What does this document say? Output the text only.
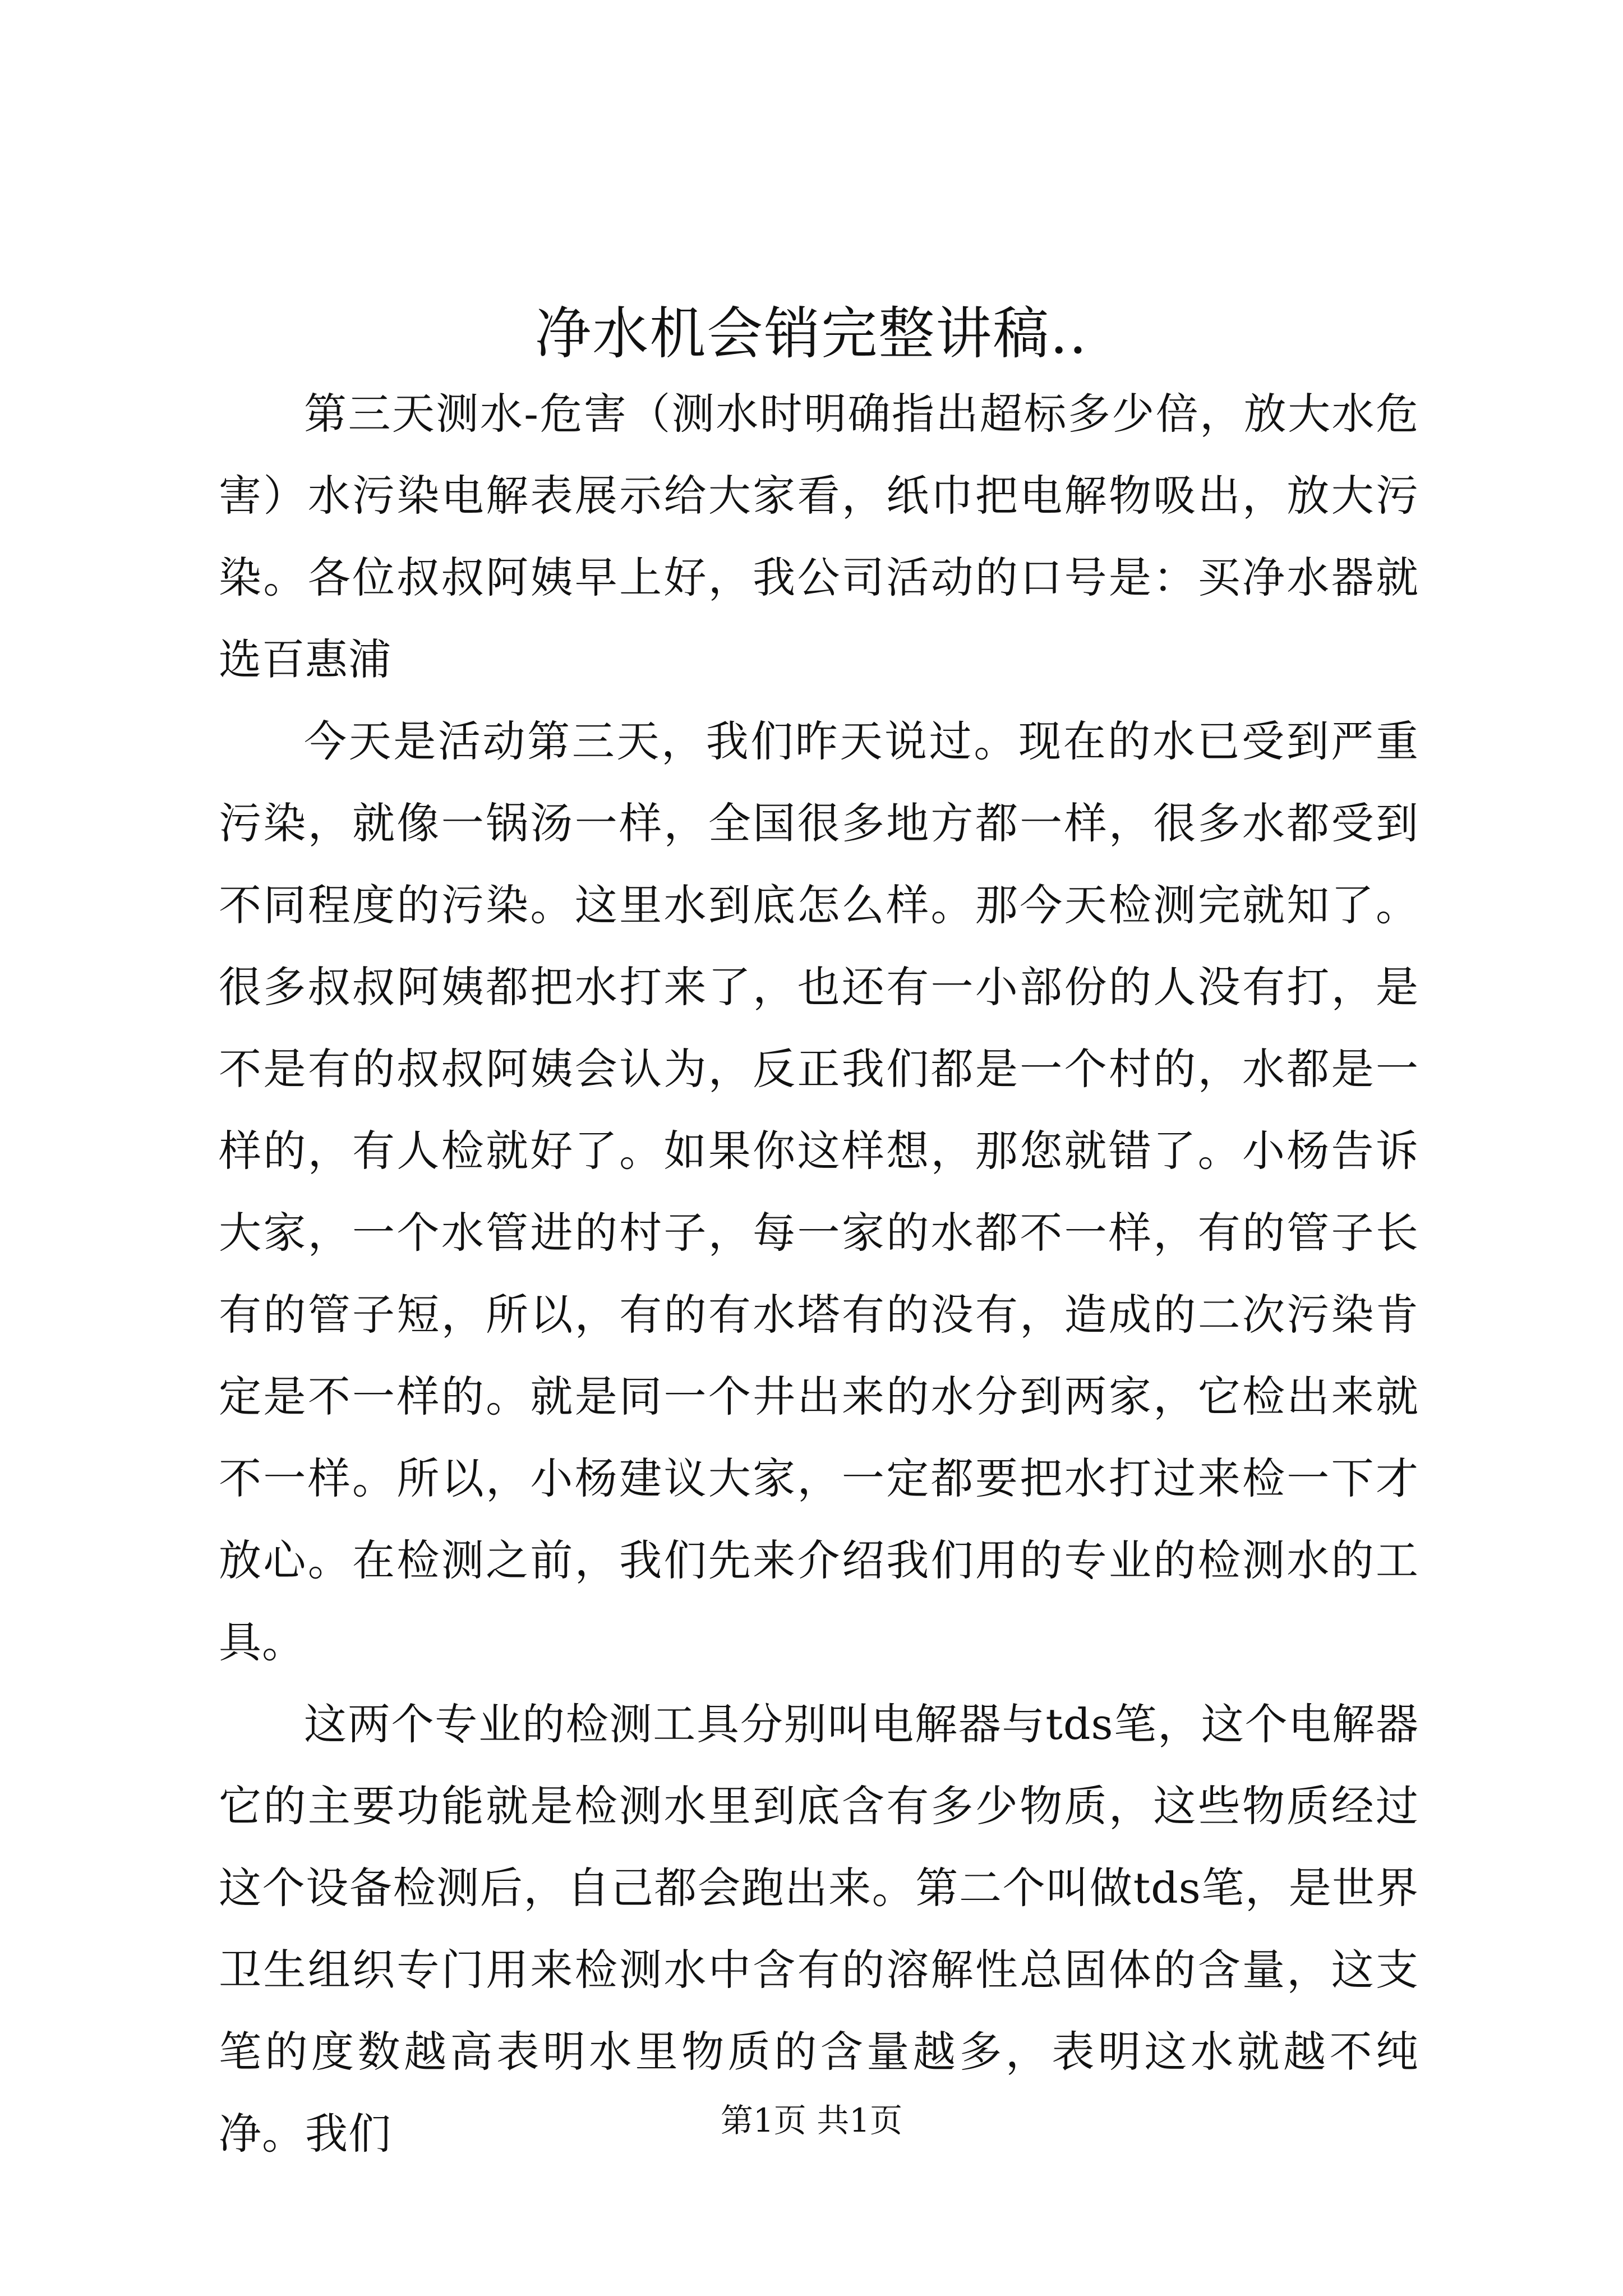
净水机会销完整讲稿..

第三天测水-危害（测水时明确指出超标多少倍，放大水危害）水污染电解表展示给大家看，纸巾把电解物吸出，放大污染。各位叔叔阿姨早上好，我公司活动的口号是：买净水器就选百惠浦

今天是活动第三天，我们昨天说过。现在的水已受到严重污染，就像一锅汤一样，全国很多地方都一样，很多水都受到不同程度的污染。这里水到底怎么样。那今天检测完就知了。很多叔叔阿姨都把水打来了，也还有一小部份的人没有打，是不是有的叔叔阿姨会认为，反正我们都是一个村的，水都是一样的，有人检就好了。如果你这样想，那您就错了。小杨告诉大家，一个水管进的村子，每一家的水都不一样，有的管子长有的管子短，所以，有的有水塔有的没有，造成的二次污染肯定是不一样的。就是同一个井出来的水分到两家，它检出来就不一样。所以，小杨建议大家，一定都要把水打过来检一下才放心。在检测之前，我们先来介绍我们用的专业的检测水的工具。

这两个专业的检测工具分别叫电解器与tds笔，这个电解器它的主要功能就是检测水里到底含有多少物质，这些物质经过这个设备检测后，自己都会跑出来。第二个叫做tds笔，是世界卫生组织专门用来检测水中含有的溶解性总固体的含量，这支笔的度数越高表明水里物质的含量越多，表明这水就越不纯净。我们	第1页 共1页
